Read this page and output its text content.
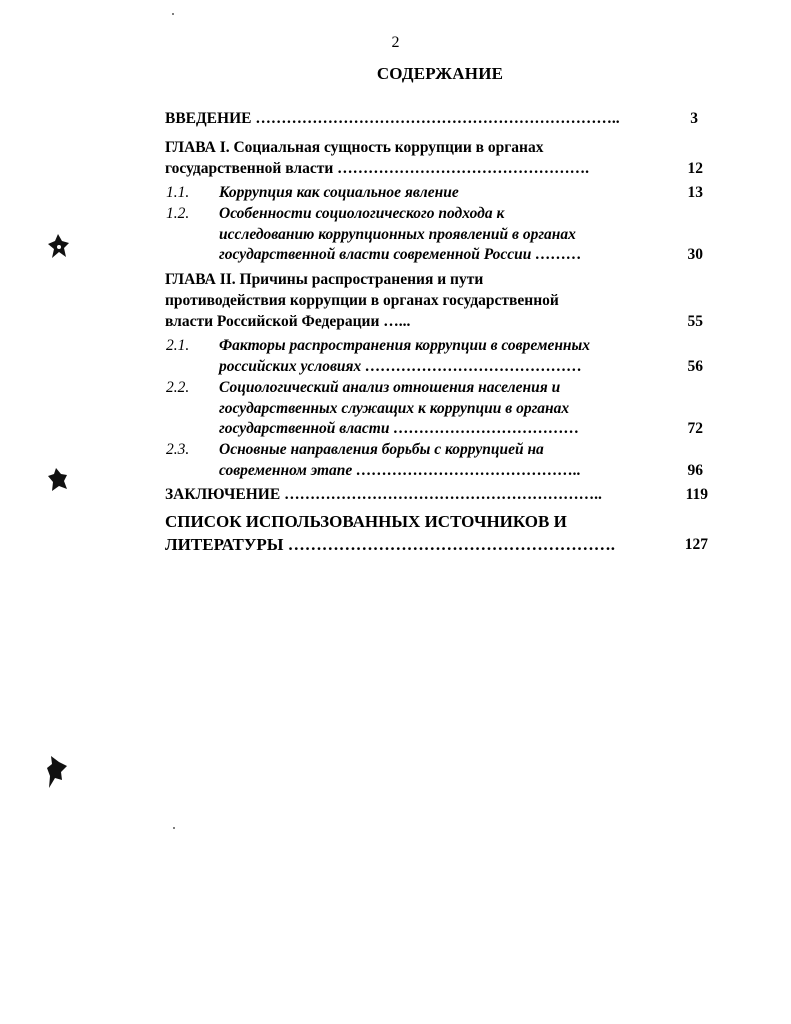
2
СОДЕРЖАНИЕ
ВВЕДЕНИЕ ……………………………………………………………..	3
ГЛАВА I. Социальная сущность коррупции в органах
государственной власти ………………………………………….	12
1.1. Коррупция как социальное явление	13
1.2. Особенности социологического подхода к
исследованию коррупционных проявлений в органах
государственной власти современной России ………	30
ГЛАВА II. Причины распространения и пути
противодействия коррупции в органах государственной
власти Российской Федерации …...	55
2.1. Факторы распространения коррупции в современных
российских условиях ……………………………………	56
2.2. Социологический анализ отношения населения и
государственных служащих к коррупции в органах
государственной власти ………………………………	72
2.3. Основные направления борьбы с коррупцией на
современном этапе ……………………………………..	96
ЗАКЛЮЧЕНИЕ ……………………………………………………..	119
СПИСОК ИСПОЛЬЗОВАННЫХ ИСТОЧНИКОВ И
ЛИТЕРАТУРЫ ………………………………………………….	127
